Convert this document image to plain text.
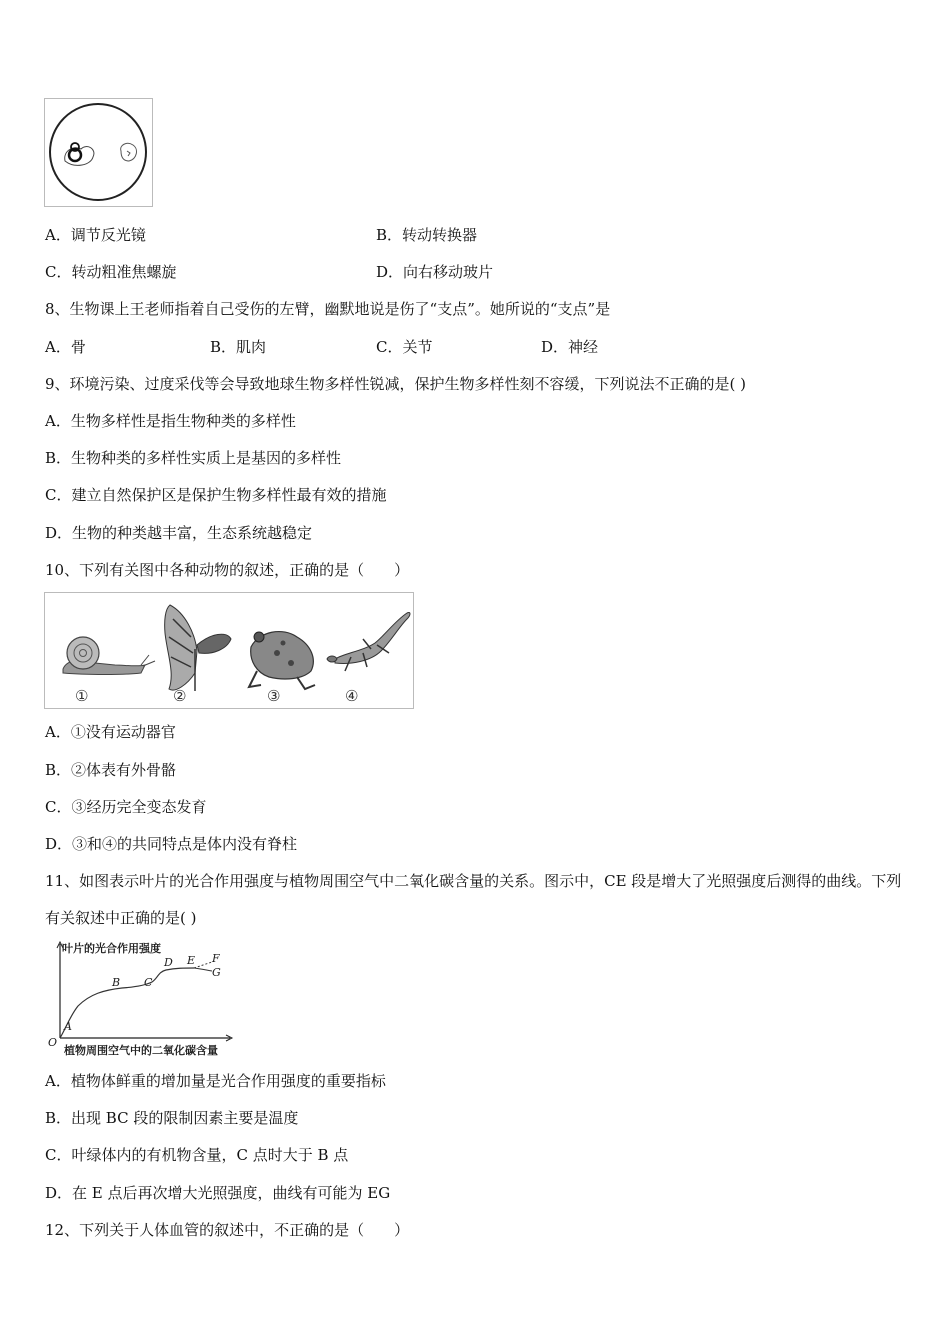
A．调节反光镜	B．转动转换器
C．转动粗准焦螺旋	D．向右移动玻片
8、生物课上王老师指着自己受伤的左臂，幽默地说是伤了“支点”。她所说的“支点”是
A．骨	B．肌肉	C．关节	D．神经
9、环境污染、过度采伐等会导致地球生物多样性锐减，保护生物多样性刻不容缓，下列说法不正确的是( )
A．生物多样性是指生物种类的多样性
B．生物种类的多样性实质上是基因的多样性
C．建立自然保护区是保护生物多样性最有效的措施
D．生物的种类越丰富，生态系统越稳定
10、下列有关图中各种动物的叙述，正确的是（　　）
①	②	③	④
A．①没有运动器官
B．②体表有外骨骼
C．③经历完全变态发育
D．③和④的共同特点是体内没有脊柱
11、如图表示叶片的光合作用强度与植物周围空气中二氧化碳含量的关系。图示中，CE 段是增大了光照强度后测得的曲线。下列有关叙述中正确的是( )
叶片的光合作用强度
植物周围空气中的二氧化碳含量
O
A
B C
D E F
G
A．植物体鲜重的增加量是光合作用强度的重要指标
B．出现 BC 段的限制因素主要是温度
C．叶绿体内的有机物含量，C 点时大于 B 点
D．在 E 点后再次增大光照强度，曲线有可能为 EG
12、下列关于人体血管的叙述中，不正确的是（　　）
